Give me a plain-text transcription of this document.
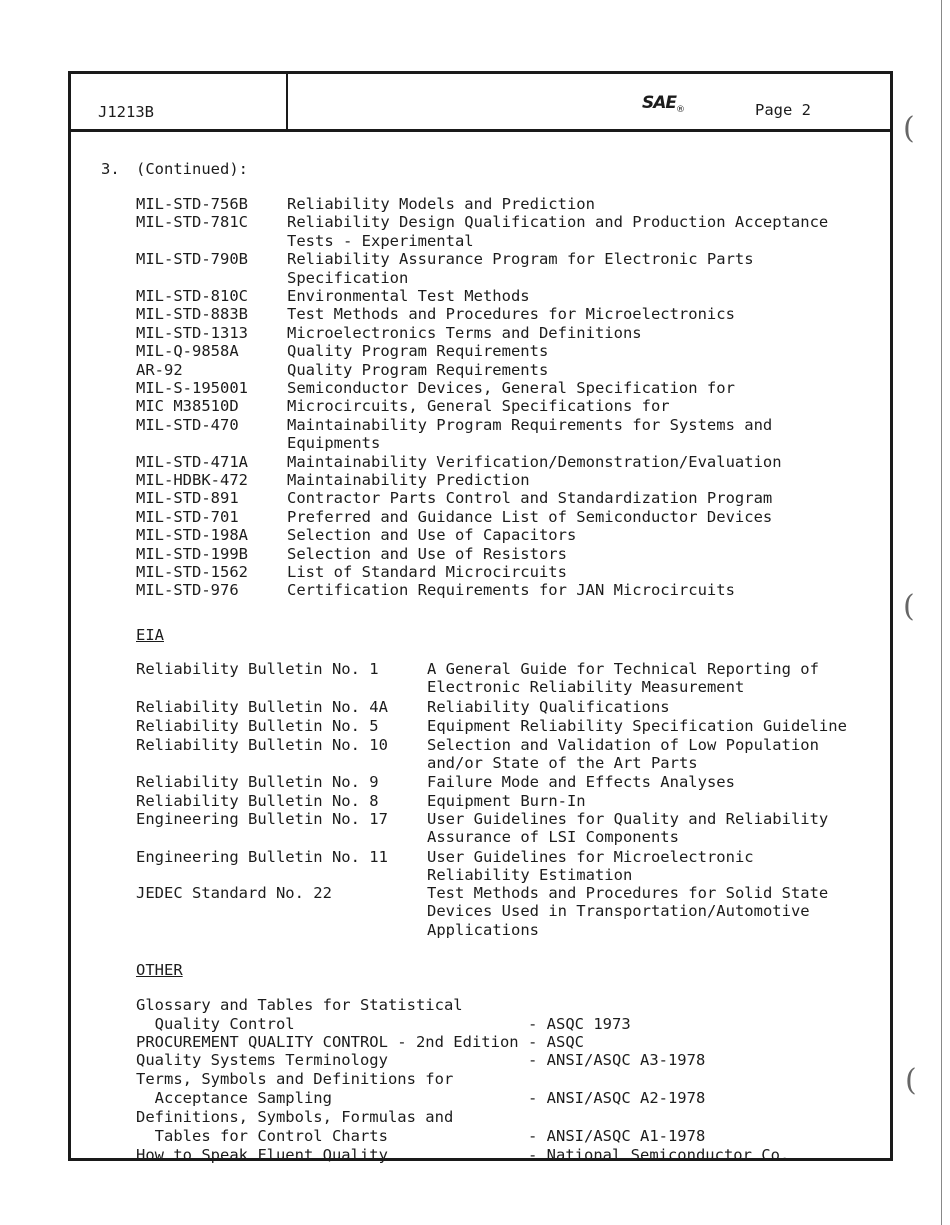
(
(
(
J1213B	$SAE_®$	Page 2
3. (Continued):
MIL-STD-756B	Reliability Models and Prediction
MIL-STD-781C	Reliability Design Qualification and Production Acceptance
Tests - Experimental
MIL-STD-790B	Reliability Assurance Program for Electronic Parts
Specification
MIL-STD-810C	Environmental Test Methods
MIL-STD-883B	Test Methods and Procedures for Microelectronics
MIL-STD-1313	Microelectronics Terms and Definitions
MIL-Q-9858A	Quality Program Requirements
AR-92	Quality Program Requirements
MIL-S-195001	Semiconductor Devices, General Specification for
MIC M38510D	Microcircuits, General Specifications for
MIL-STD-470	Maintainability Program Requirements for Systems and
Equipments
MIL-STD-471A	Maintainability Verification/Demonstration/Evaluation
MIL-HDBK-472	Maintainability Prediction
MIL-STD-891	Contractor Parts Control and Standardization Program
MIL-STD-701	Preferred and Guidance List of Semiconductor Devices
MIL-STD-198A	Selection and Use of Capacitors
MIL-STD-199B	Selection and Use of Resistors
MIL-STD-1562	List of Standard Microcircuits
MIL-STD-976	Certification Requirements for JAN Microcircuits
EIA
Reliability Bulletin No. 1	A General Guide for Technical Reporting of
Electronic Reliability Measurement
Reliability Bulletin No. 4A	Reliability Qualifications
Reliability Bulletin No. 5	Equipment Reliability Specification Guideline
Reliability Bulletin No. 10	Selection and Validation of Low Population
and/or State of the Art Parts
Reliability Bulletin No. 9	Failure Mode and Effects Analyses
Reliability Bulletin No. 8	Equipment Burn-In
Engineering Bulletin No. 17	User Guidelines for Quality and Reliability
Assurance of LSI Components
Engineering Bulletin No. 11	User Guidelines for Microelectronic
Reliability Estimation
JEDEC Standard No. 22	Test Methods and Procedures for Solid State
Devices Used in Transportation/Automotive
Applications
OTHER
Glossary and Tables for Statistical
Quality Control	- ASQC 1973
PROCUREMENT QUALITY CONTROL - 2nd Edition - ASQC
Quality Systems Terminology	- ANSI/ASQC A3-1978
Terms, Symbols and Definitions for
Acceptance Sampling	- ANSI/ASQC A2-1978
Definitions, Symbols, Formulas and
Tables for Control Charts	- ANSI/ASQC A1-1978
How to Speak Fluent Quality	- National Semiconductor Co.
